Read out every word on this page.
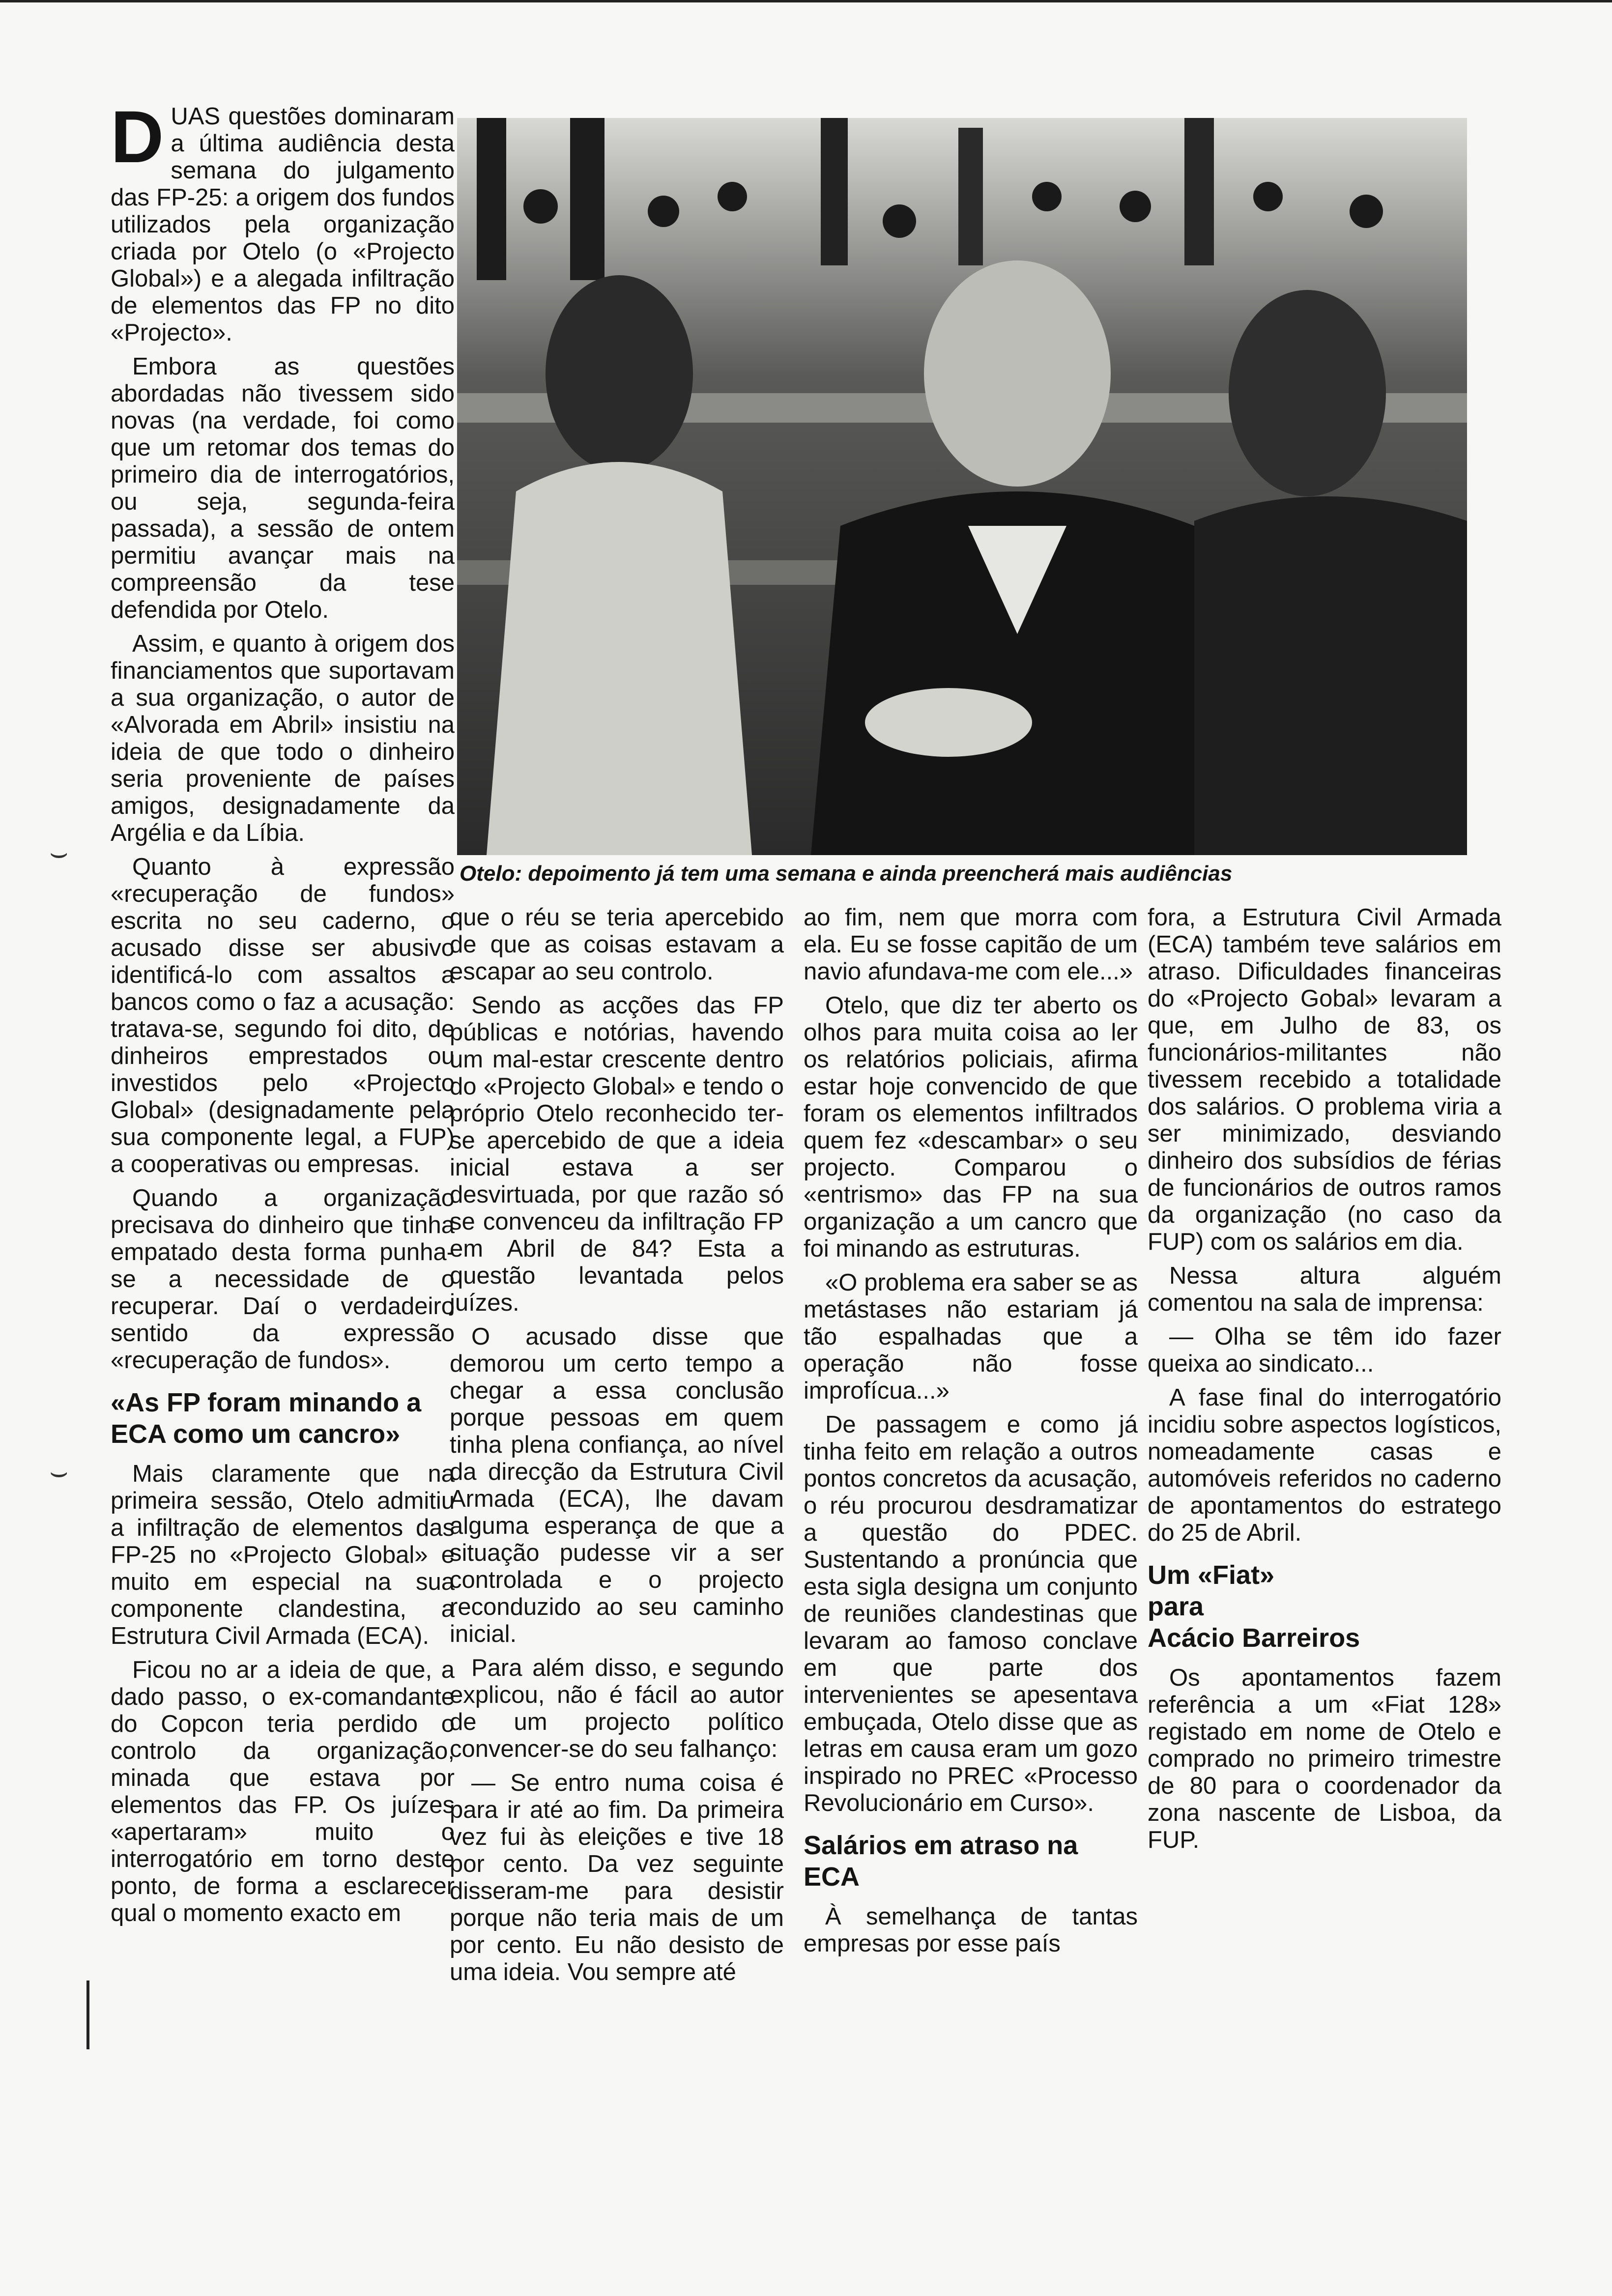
Otelo: depoimento já tem uma semana e ainda preencherá mais audiências

DUAS questões dominaram a última audiência desta semana do julgamento das FP-25: a origem dos fundos utilizados pela organização criada por Otelo (o «Projecto Global») e a alegada infiltração de elementos das FP no dito «Projecto».

Embora as questões abordadas não tivessem sido novas (na verdade, foi como que um retomar dos temas do primeiro dia de interrogatórios, ou seja, segunda-feira passada), a sessão de ontem permitiu avançar mais na compreensão da tese defendida por Otelo.

Assim, e quanto à origem dos financiamentos que suportavam a sua organização, o autor de «Alvorada em Abril» insistiu na ideia de que todo o dinheiro seria proveniente de países amigos, designadamente da Argélia e da Líbia.

Quanto à expressão «recuperação de fundos» escrita no seu caderno, o acusado disse ser abusivo identificá-lo com assaltos a bancos como o faz a acusação: tratava-se, segundo foi dito, de dinheiros emprestados ou investidos pelo «Projecto Global» (designadamente pela sua componente legal, a FUP) a cooperativas ou empresas.

Quando a organização precisava do dinheiro que tinha empatado desta forma punha-se a necessidade de o recuperar. Daí o verdadeiro sentido da expressão «recuperação de fundos».

«As FP foram minando a ECA como um cancro»

Mais claramente que na primeira sessão, Otelo admitiu a infiltração de elementos das FP-25 no «Projecto Global» e muito em especial na sua componente clandestina, a Estrutura Civil Armada (ECA).

Ficou no ar a ideia de que, a dado passo, o ex-comandante do Copcon teria perdido o controlo da organização, minada que estava por elementos das FP. Os juízes «apertaram» muito o interrogatório em torno deste ponto, de forma a esclarecer qual o momento exacto em

que o réu se teria apercebido de que as coisas estavam a escapar ao seu controlo.

Sendo as acções das FP públicas e notórias, havendo um mal-estar crescente dentro do «Projecto Global» e tendo o próprio Otelo reconhecido ter-se apercebido de que a ideia inicial estava a ser desvirtuada, por que razão só se convenceu da infiltração FP em Abril de 84? Esta a questão levantada pelos juízes.

O acusado disse que demorou um certo tempo a chegar a essa conclusão porque pessoas em quem tinha plena confiança, ao nível da direcção da Estrutura Civil Armada (ECA), lhe davam alguma esperança de que a situação pudesse vir a ser controlada e o projecto reconduzido ao seu caminho inicial.

Para além disso, e segundo explicou, não é fácil ao autor de um projecto político convencer-se do seu falhanço:

— Se entro numa coisa é para ir até ao fim. Da primeira vez fui às eleições e tive 18 por cento. Da vez seguinte disseram-me para desistir porque não teria mais de um por cento. Eu não desisto de uma ideia. Vou sempre até

ao fim, nem que morra com ela. Eu se fosse capitão de um navio afundava-me com ele...»

Otelo, que diz ter aberto os olhos para muita coisa ao ler os relatórios policiais, afirma estar hoje convencido de que foram os elementos infiltrados quem fez «descambar» o seu projecto. Comparou o «entrismo» das FP na sua organização a um cancro que foi minando as estruturas.

«O problema era saber se as metástases não estariam já tão espalhadas que a operação não fosse improfícua...»

De passagem e como já tinha feito em relação a outros pontos concretos da acusação, o réu procurou desdramatizar a questão do PDEC. Sustentando a pronúncia que esta sigla designa um conjunto de reuniões clandestinas que levaram ao famoso conclave em que parte dos intervenientes se apesentava embuçada, Otelo disse que as letras em causa eram um gozo inspirado no PREC «Processo Revolucionário em Curso».

Salários em atraso na ECA

À semelhança de tantas empresas por esse país

fora, a Estrutura Civil Armada (ECA) também teve salários em atraso. Dificuldades financeiras do «Projecto Gobal» levaram a que, em Julho de 83, os funcionários-militantes não tivessem recebido a totalidade dos salários. O problema viria a ser minimizado, desviando dinheiro dos subsídios de férias de funcionários de outros ramos da organização (no caso da FUP) com os salários em dia.

Nessa altura alguém comentou na sala de imprensa:

— Olha se têm ido fazer queixa ao sindicato...

A fase final do interrogatório incidiu sobre aspectos logísticos, nomeadamente casas e automóveis referidos no caderno de apontamentos do estratego do 25 de Abril.

Um «Fiat»
para
Acácio Barreiros

Os apontamentos fazem referência a um «Fiat 128» registado em nome de Otelo e comprado no primeiro trimestre de 80 para o coordenador da zona nascente de Lisboa, da FUP.

⌣
⌣
